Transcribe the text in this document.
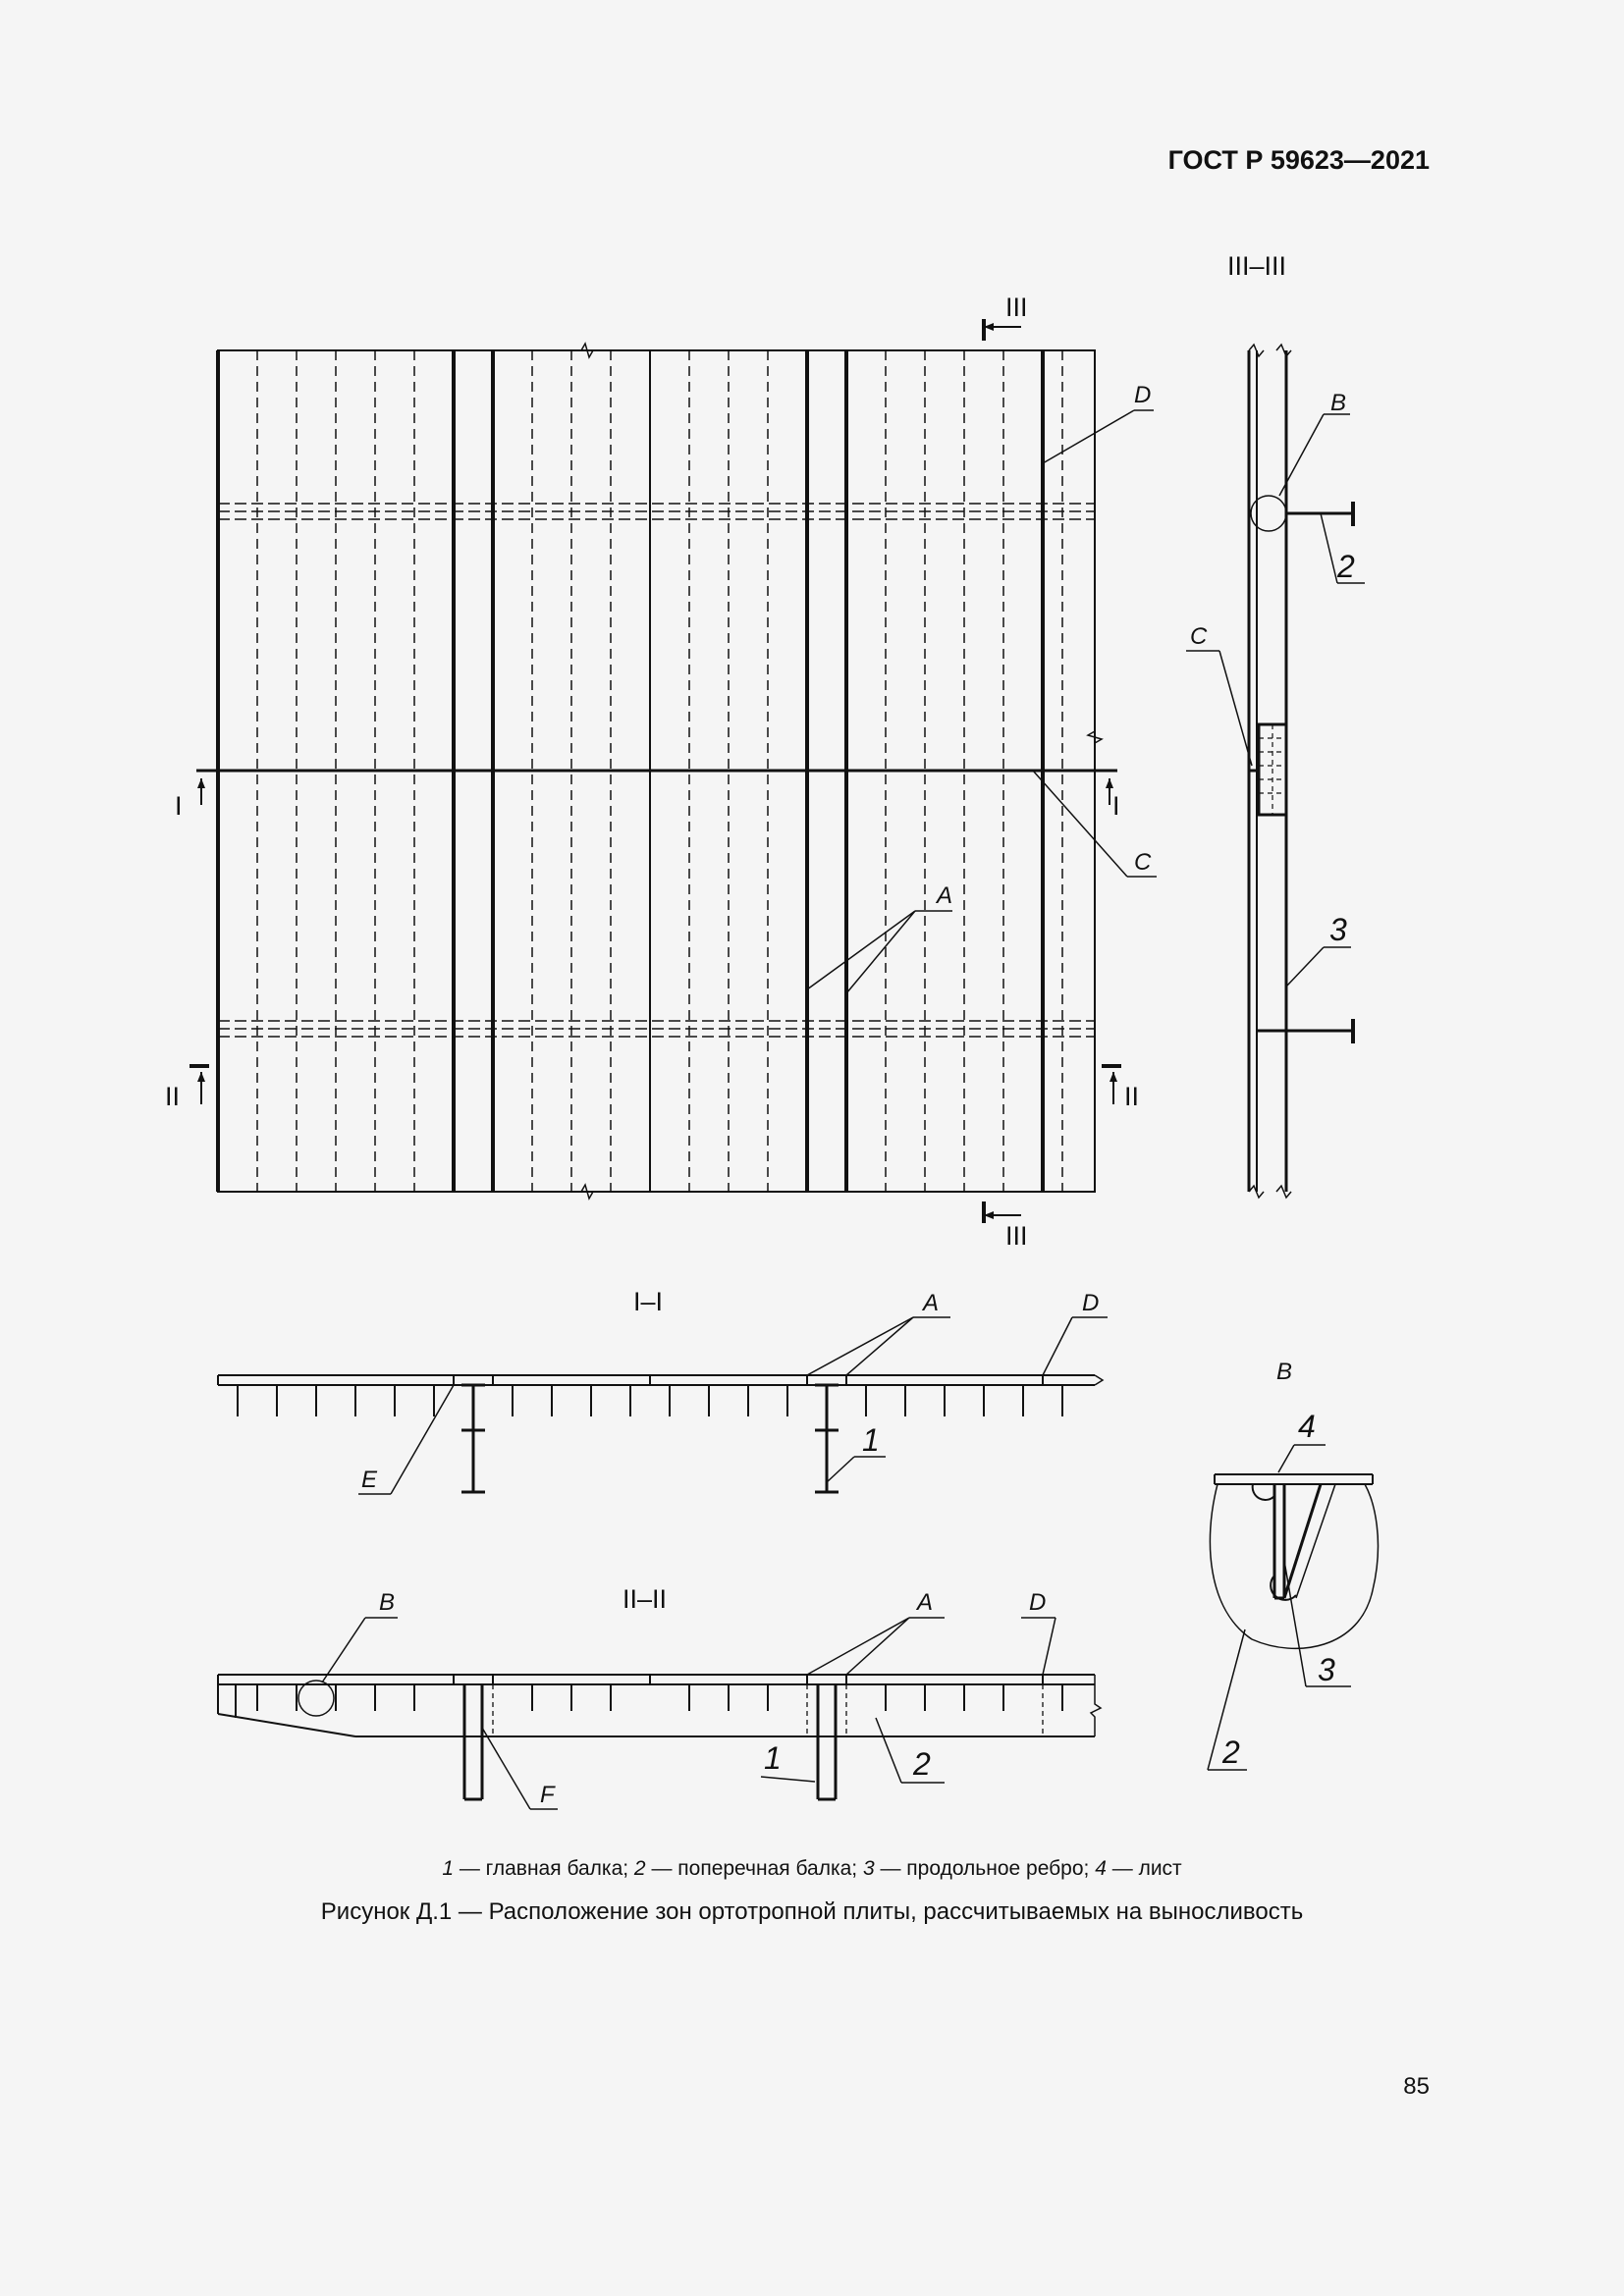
ГОСТ Р 59623—2021
I	I
II	II
III
III
D
C
A
III–III
B
2
C
3
I–I	A	D
E
1
II–II
B	A	D
F
1	2
B
4
3
2
1 — главная балка; 2 — поперечная балка; 3 — продольное ребро; 4 — лист
Рисунок Д.1 — Расположение зон ортотропной плиты, рассчитываемых на выносливость
85
